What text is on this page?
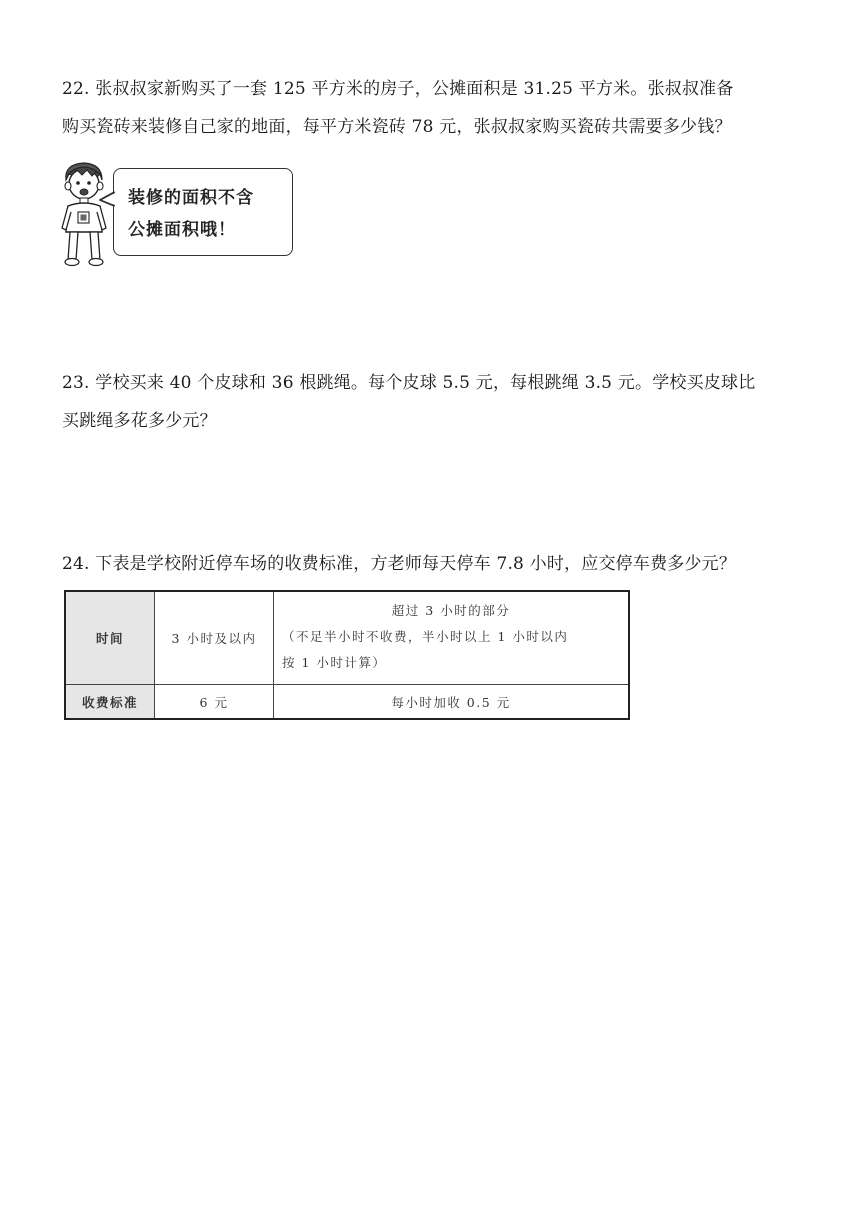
22. 张叔叔家新购买了一套 125 平方米的房子，公摊面积是 31.25 平方米。张叔叔准备

购买瓷砖来装修自己家的地面，每平方米瓷砖 78 元，张叔叔家购买瓷砖共需要多少钱？

装修的面积不含
公摊面积哦！

23. 学校买来 40 个皮球和 36 根跳绳。每个皮球 5.5 元，每根跳绳 3.5 元。学校买皮球比

买跳绳多花多少元？

24. 下表是学校附近停车场的收费标准，方老师每天停车 7.8 小时，应交停车费多少元？

时间	3 小时及以内	超过 3 小时的部分
（不足半小时不收费，半小时以上 1 小时以内
按 1 小时计算）

收费标准	6 元	每小时加收 0.5 元
